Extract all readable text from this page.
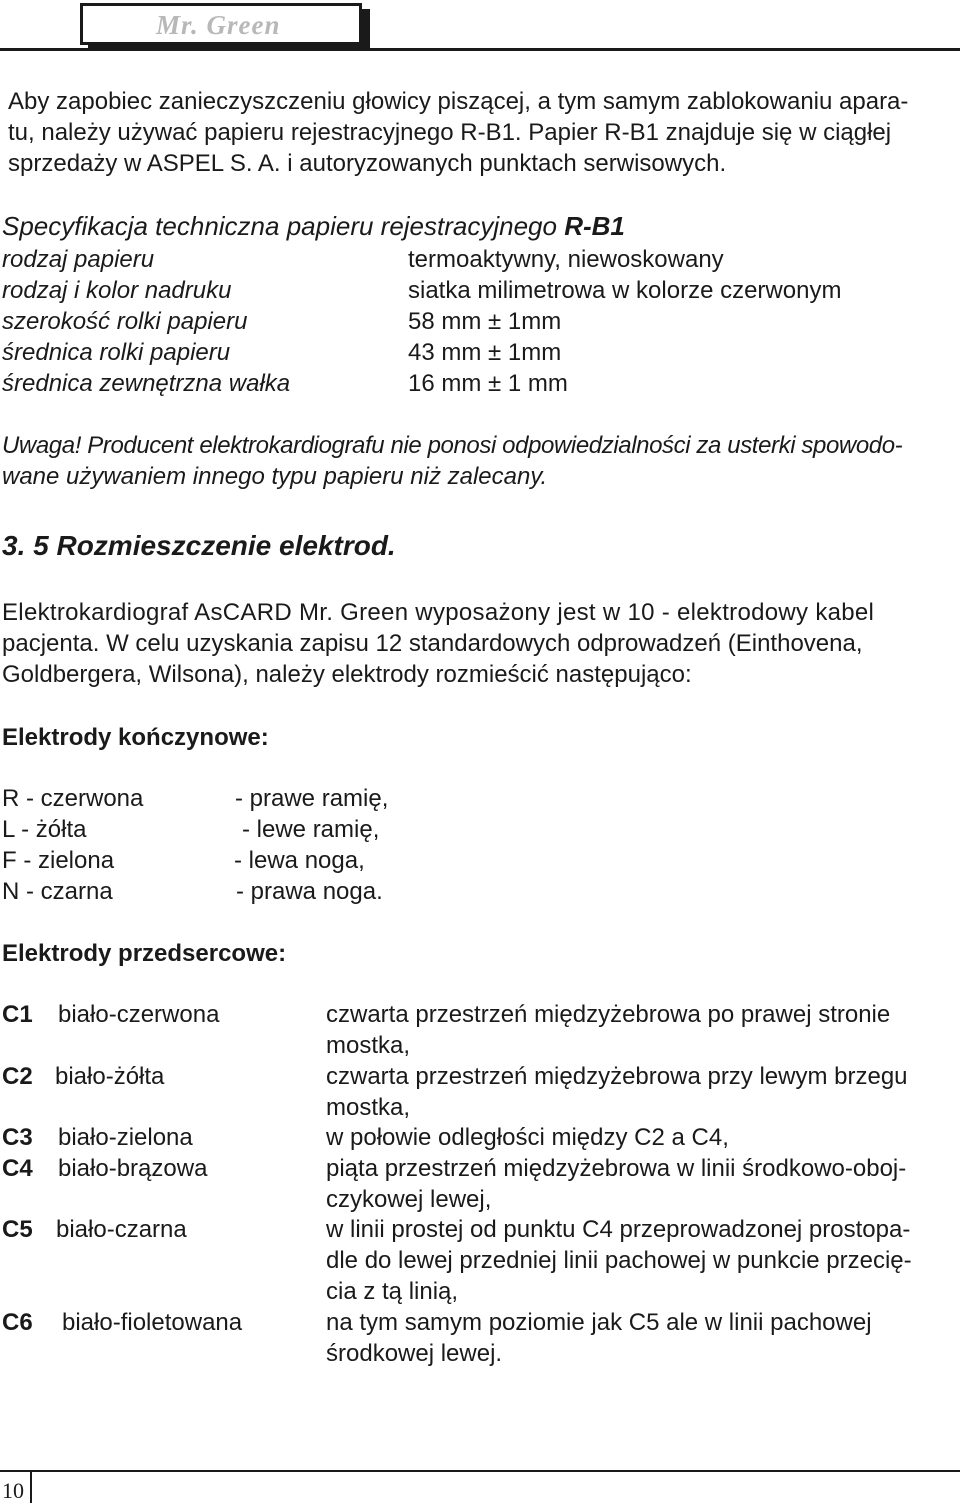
Mr. Green
Aby zapobiec zanieczyszczeniu głowicy piszącej, a tym samym zablokowaniu apara-
tu, należy używać papieru rejestracyjnego R-B1. Papier R-B1 znajduje się w ciągłej
sprzedaży w ASPEL S. A. i autoryzowanych punktach serwisowych.
Specyfikacja techniczna papieru rejestracyjnego R-B1
rodzaj papieru	termoaktywny, niewoskowany
rodzaj i kolor nadruku	siatka milimetrowa w kolorze czerwonym
szerokość rolki papieru	58 mm ± 1mm
średnica rolki papieru	43 mm ± 1mm
średnica zewnętrzna wałka	16 mm ± 1 mm
Uwaga! Producent elektrokardiografu nie ponosi odpowiedzialności za usterki spowodo-
wane używaniem innego typu papieru niż zalecany.
3. 5 Rozmieszczenie elektrod.
Elektrokardiograf AsCARD Mr. Green wyposażony jest w 10 - elektrodowy kabel
pacjenta. W celu uzyskania zapisu 12 standardowych odprowadzeń (Einthovena,
Goldbergera, Wilsona), należy elektrody rozmieścić następująco:
Elektrody kończynowe:
R - czerwona	- prawe ramię,
L - żółta	- lewe ramię,
F - zielona	- lewa noga,
N - czarna	- prawa noga.
Elektrody przedsercowe:
C1 biało-czerwona	czwarta przestrzeń międzyżebrowa po prawej stronie
mostka,
C2 biało-żółta	czwarta przestrzeń międzyżebrowa przy lewym brzegu
mostka,
C3 biało-zielona	w połowie odległości między C2 a C4,
C4 biało-brązowa	piąta przestrzeń międzyżebrowa w linii środkowo-oboj-
czykowej lewej,
C5 biało-czarna	w linii prostej od punktu C4 przeprowadzonej prostopa-
dle do lewej przedniej linii pachowej w punkcie przecię-
cia z tą linią,
C6 biało-fioletowana	na tym samym poziomie jak C5 ale w linii pachowej
środkowej lewej.
10
